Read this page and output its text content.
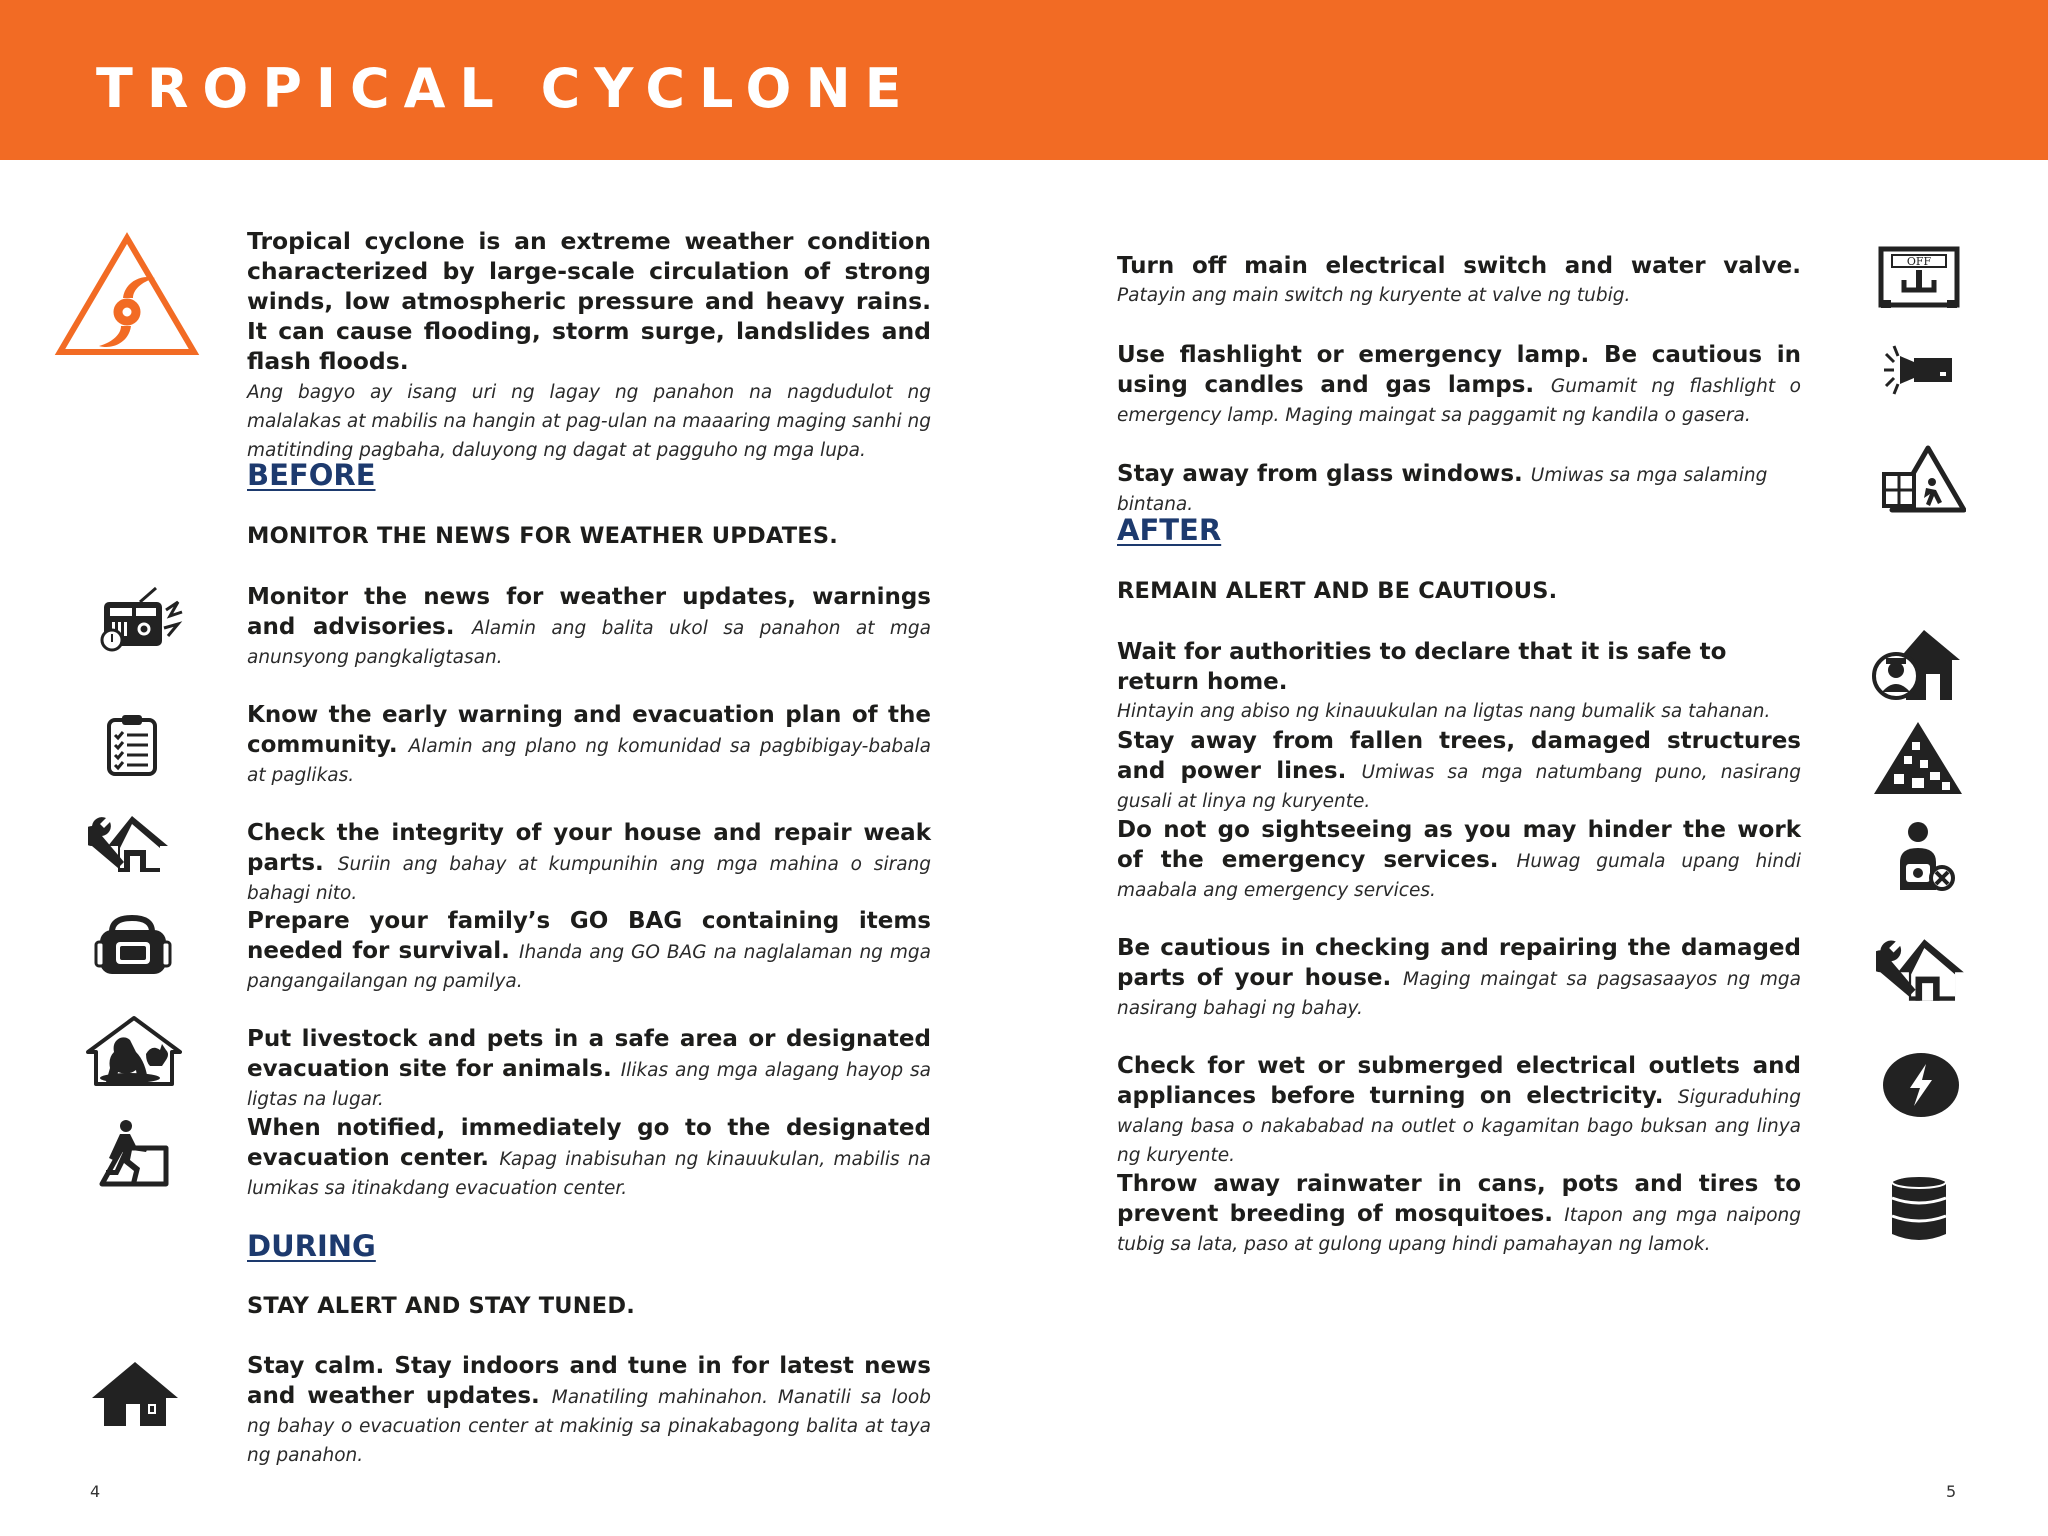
TROPICAL CYCLONE
Tropical cyclone is an extreme weather condition characterized by large-scale circulation of strong winds, low atmospheric pressure and heavy rains. It can cause flooding, storm surge, landslides and flash floods.
Ang bagyo ay isang uri ng lagay ng panahon na nagdudulot ng malalakas at mabilis na hangin at pag-ulan na maaaring maging sanhi ng matitinding pagbaha, daluyong ng dagat at pagguho ng mga lupa.
BEFORE
MONITOR THE NEWS FOR WEATHER UPDATES.
Monitor the news for weather updates, warnings and advisories. Alamin ang balita ukol sa panahon at mga anunsyong pangkaligtasan.
Know the early warning and evacuation plan of the community. Alamin ang plano ng komunidad sa pagbibigay-babala at paglikas.
Check the integrity of your house and repair weak parts. Suriin ang bahay at kumpunihin ang mga mahina o sirang bahagi nito.
Prepare your family’s GO BAG containing items needed for survival. Ihanda ang GO BAG na naglalaman ng mga pangangailangan ng pamilya.
Put livestock and pets in a safe area or designated evacuation site for animals. Ilikas ang mga alagang hayop sa ligtas na lugar.
When notified, immediately go to the designated evacuation center. Kapag inabisuhan ng kinauukulan, mabilis na lumikas sa itinakdang evacuation center.
DURING
STAY ALERT AND STAY TUNED.
Stay calm. Stay indoors and tune in for latest news and weather updates. Manatiling mahinahon. Manatili sa loob ng bahay o evacuation center at makinig sa pinakabagong balita at taya ng panahon.
Turn off main electrical switch and water valve. Patayin ang main switch ng kuryente at valve ng tubig.
Use flashlight or emergency lamp. Be cautious in using candles and gas lamps. Gumamit ng flashlight o emergency lamp. Maging maingat sa paggamit ng kandila o gasera.
Stay away from glass windows. Umiwas sa mga salaming bintana.
AFTER
REMAIN ALERT AND BE CAUTIOUS.
Wait for authorities to declare that it is safe to return home.
Hintayin ang abiso ng kinauukulan na ligtas nang bumalik sa tahanan.
Stay away from fallen trees, damaged structures and power lines. Umiwas sa mga natumbang puno, nasirang gusali at linya ng kuryente.
Do not go sightseeing as you may hinder the work of the emergency services. Huwag gumala upang hindi maabala ang emergency services.
Be cautious in checking and repairing the damaged parts of your house. Maging maingat sa pagsasaayos ng mga nasirang bahagi ng bahay.
Check for wet or submerged electrical outlets and appliances before turning on electricity. Siguraduhing walang basa o nakababad na outlet o kagamitan bago buksan ang linya ng kuryente.
Throw away rainwater in cans, pots and tires to prevent breeding of mosquitoes. Itapon ang mga naipong tubig sa lata, paso at gulong upang hindi pamahayan ng lamok.
OFF
4	5
